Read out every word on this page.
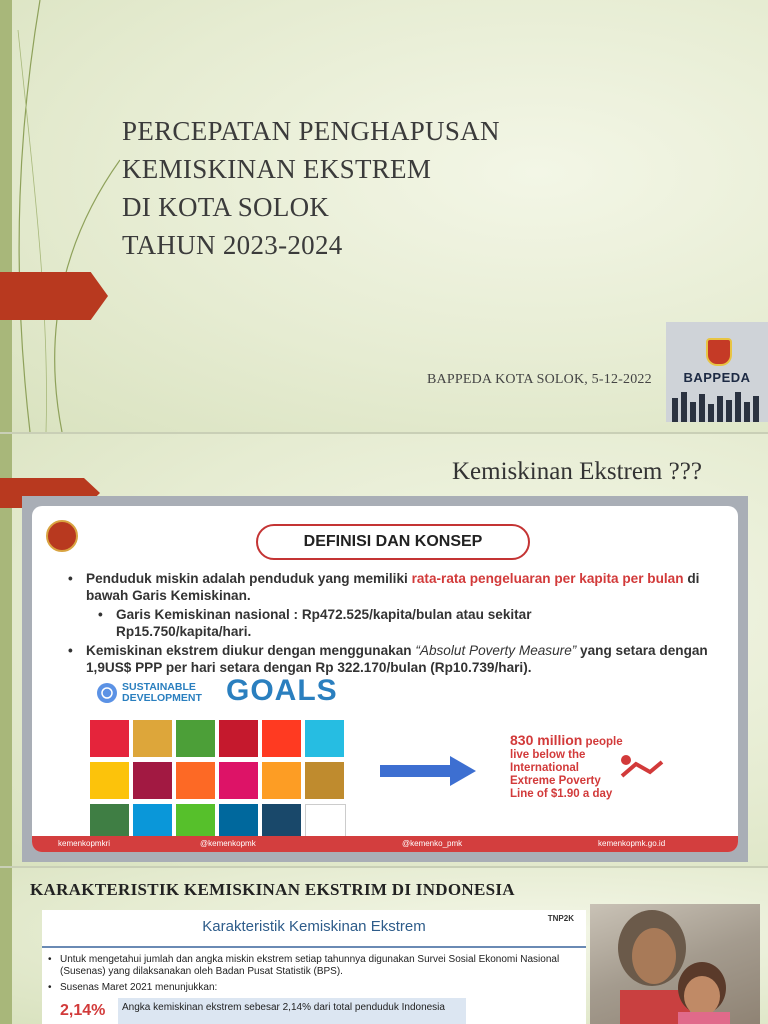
PERCEPATAN PENGHAPUSAN
KEMISKINAN EKSTREM
DI KOTA SOLOK
TAHUN 2023-2024
BAPPEDA KOTA SOLOK, 5-12-2022	BAPPEDA
Kemiskinan Ekstrem ???
DEFINISI DAN KONSEP
• Penduduk miskin adalah penduduk yang memiliki rata-rata pengeluaran per kapita per bulan di bawah Garis Kemiskinan.
• Garis Kemiskinan nasional : Rp472.525/kapita/bulan atau sekitar Rp15.750/kapita/hari.
• Kemiskinan ekstrem diukur dengan menggunakan “Absolut Poverty Measure” yang setara dengan 1,9US$ PPP per hari setara dengan Rp 322.170/bulan (Rp10.739/hari).
SUSTAINABLE
DEVELOPMENT GOALS
830 million people
live below the
International
Extreme Poverty
Line of $1.90 a day
kemenkopmkri	@kemenkopmk	@kemenko_pmk	kemenkopmk.go.id
KARAKTERISTIK KEMISKINAN EKSTRIM DI INDONESIA
Karakteristik Kemiskinan Ekstrem	TNP2K
• Untuk mengetahui jumlah dan angka miskin ekstrem setiap tahunnya digunakan Survei Sosial Ekonomi Nasional (Susenas) yang dilaksanakan oleh Badan Pusat Statistik (BPS).
• Susenas Maret 2021 menunjukkan:
2,14%	Angka kemiskinan ekstrem sebesar 2,14% dari total penduduk Indonesia
